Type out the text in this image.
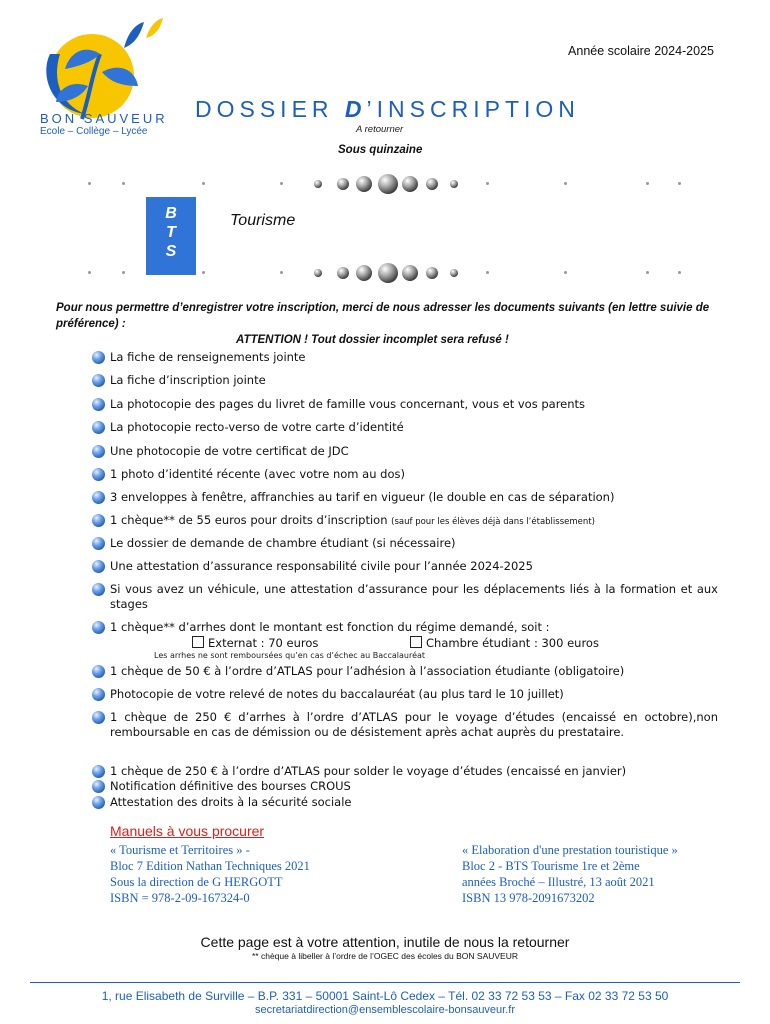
BON SAUVEUR
Ecole – Collège – Lycée
Année scolaire 2024-2025
DOSSIER D’INSCRIPTION
A retourner
Sous quinzaine
B
T
S
Tourisme
Pour nous permettre d’enregistrer votre inscription, merci de nous adresser les documents suivants (en lettre suivie de préférence) :
ATTENTION ! Tout dossier incomplet sera refusé !
La fiche de renseignements jointe
La fiche d’inscription jointe
La photocopie des pages du livret de famille vous concernant, vous et vos parents
La photocopie recto-verso de votre carte d’identité
Une photocopie de votre certificat de JDC
1 photo d’identité récente (avec votre nom au dos)
3 enveloppes à fenêtre, affranchies au tarif en vigueur (le double en cas de séparation)
1 chèque** de 55 euros pour droits d’inscription (sauf pour les élèves déjà dans l’établissement)
Le dossier de demande de chambre étudiant (si nécessaire)
Une attestation d’assurance responsabilité civile pour l’année 2024-2025
Si vous avez un véhicule, une attestation d’assurance pour les déplacements liés à la formation et aux stages
1 chèque** d’arrhes dont le montant est fonction du régime demandé, soit :
Externat : 70 euros	Chambre étudiant : 300 euros
Les arrhes ne sont remboursées qu’en cas d’échec au Baccalauréat
1 chèque de 50 € à l’ordre d’ATLAS pour l’adhésion à l’association étudiante (obligatoire)
Photocopie de votre relevé de notes du baccalauréat (au plus tard le 10 juillet)
1 chèque de 250 € d’arrhes à l’ordre d’ATLAS pour le voyage d’études (encaissé en octobre),non remboursable en cas de démission ou de désistement après achat auprès du prestataire.
1 chèque de 250 € à l’ordre d’ATLAS pour solder le voyage d’études (encaissé en janvier)
Notification définitive des bourses CROUS
Attestation des droits à la sécurité sociale
Manuels à vous procurer
« Tourisme et Territoires » -
Bloc 7 Edition Nathan Techniques 2021
Sous la direction de G HERGOTT
ISBN = 978-2-09-167324-0
« Elaboration d'une prestation touristique »
Bloc 2 - BTS Tourisme 1re et 2ème
années Broché – Illustré, 13 août 2021
ISBN 13 978-2091673202
Cette page est à votre attention, inutile de nous la retourner
** chèque à libeller à l’ordre de l’OGEC des écoles du BON SAUVEUR
1, rue Elisabeth de Surville – B.P. 331 – 50001 Saint-Lô Cedex – Tél. 02 33 72 53 53 – Fax 02 33 72 53 50
secretariatdirection@ensemblescolaire-bonsauveur.fr
